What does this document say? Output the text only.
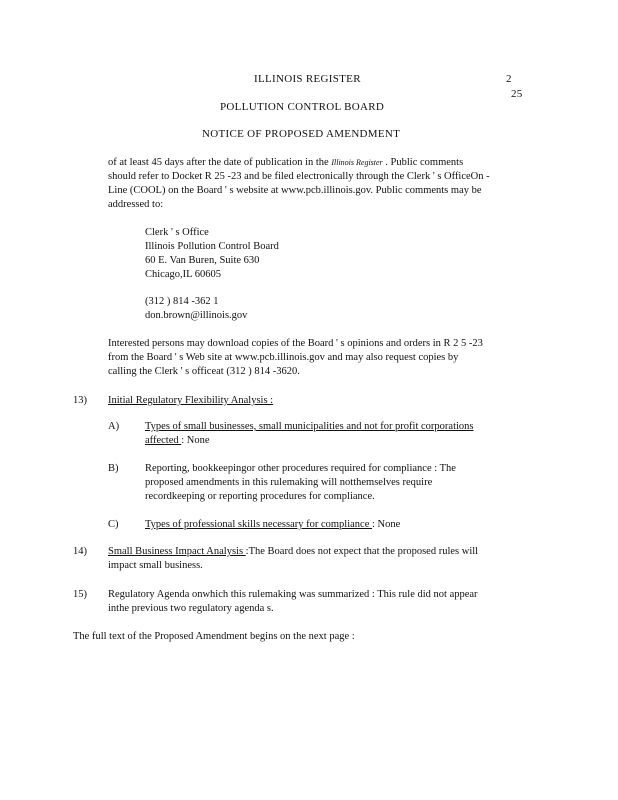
ILLINOIS REGISTER	2
25
POLLUTION CONTROL BOARD
NOTICE OF PROPOSED AMENDMENT
of at least 45 days after the date of publication in the Illinois Register . Public comments
should refer to Docket R 25 -23 and be filed electronically through the Clerk ' s OfficeOn -
Line (COOL) on the Board ' s website at www.pcb.illinois.gov. Public comments may be
addressed to:
Clerk ' s Office
Illinois Pollution Control Board
60 E. Van Buren, Suite 630
Chicago,IL 60605
(312 ) 814 -362 1
don.brown@illinois.gov
Interested persons may download copies of the Board ' s opinions and orders in R 2 5 -23
from the Board ' s Web site at www.pcb.illinois.gov and may also request copies by
calling the Clerk ' s officeat (312 ) 814 -3620.
13) Initial Regulatory Flexibility Analysis :
A) Types of small businesses, small municipalities and not for profit corporations
affected : None
B)	Reporting, bookkeepingor other procedures required for compliance : The
proposed amendments in this rulemaking will notthemselves require
recordkeeping or reporting procedures for compliance.
C)	Types of professional skills necessary for compliance : None
14) Small Business Impact Analysis :The Board does not expect that the proposed rules will
impact small business.
15) Regulatory Agenda onwhich this rulemaking was summarized : This rule did not appear
inthe previous two regulatory agenda s.
The full text of the Proposed Amendment begins on the next page :
